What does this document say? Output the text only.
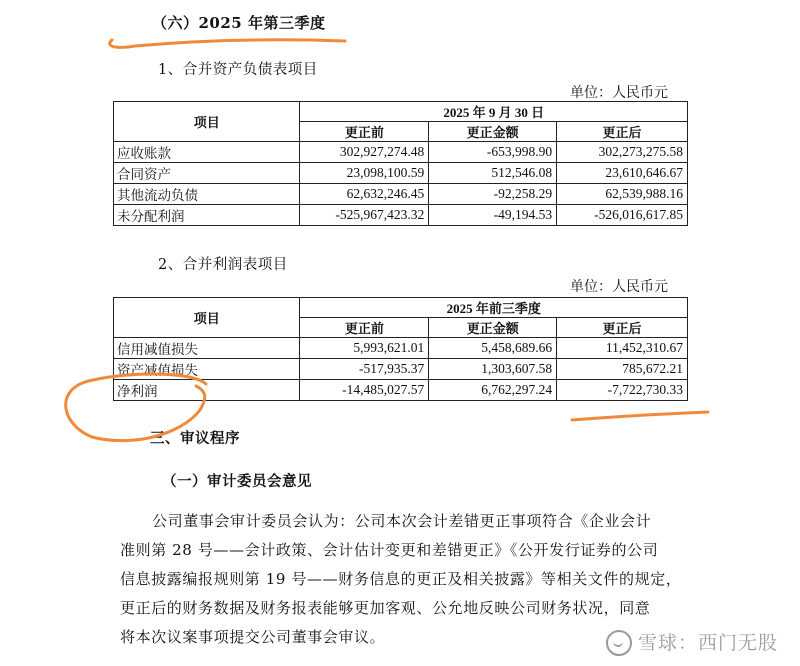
（六）2025 年第三季度
1、合并资产负债表项目
单位：人民币元
项目	2025 年 9 月 30 日		
	更正前	更正金额	更正后
应收账款	302,927,274.48	-653,998.90	302,273,275.58
合同资产	23,098,100.59	512,546.08	23,610,646.67
其他流动负债	62,632,246.45	-92,258.29	62,539,988.16
未分配利润	-525,967,423.32	-49,194.53	-526,016,617.85
2、合并利润表项目
单位：人民币元
项目	2025 年前三季度		
	更正前	更正金额	更正后
信用减值损失	5,993,621.01	5,458,689.66	11,452,310.67
资产减值损失	-517,935.37	1,303,607.58	785,672.21
净利润	-14,485,027.57	6,762,297.24	-7,722,730.33
三、审议程序
（一）审计委员会意见
公司董事会审计委员会认为：公司本次会计差错更正事项符合《企业会计
准则第 28 号——会计政策、会计估计变更和差错更正》《公开发行证券的公司
信息披露编报规则第 19 号——财务信息的更正及相关披露》等相关文件的规定，
更正后的财务数据及财务报表能够更加客观、公允地反映公司财务状况，同意
将本次议案事项提交公司董事会审议。	雪球：西门无股
